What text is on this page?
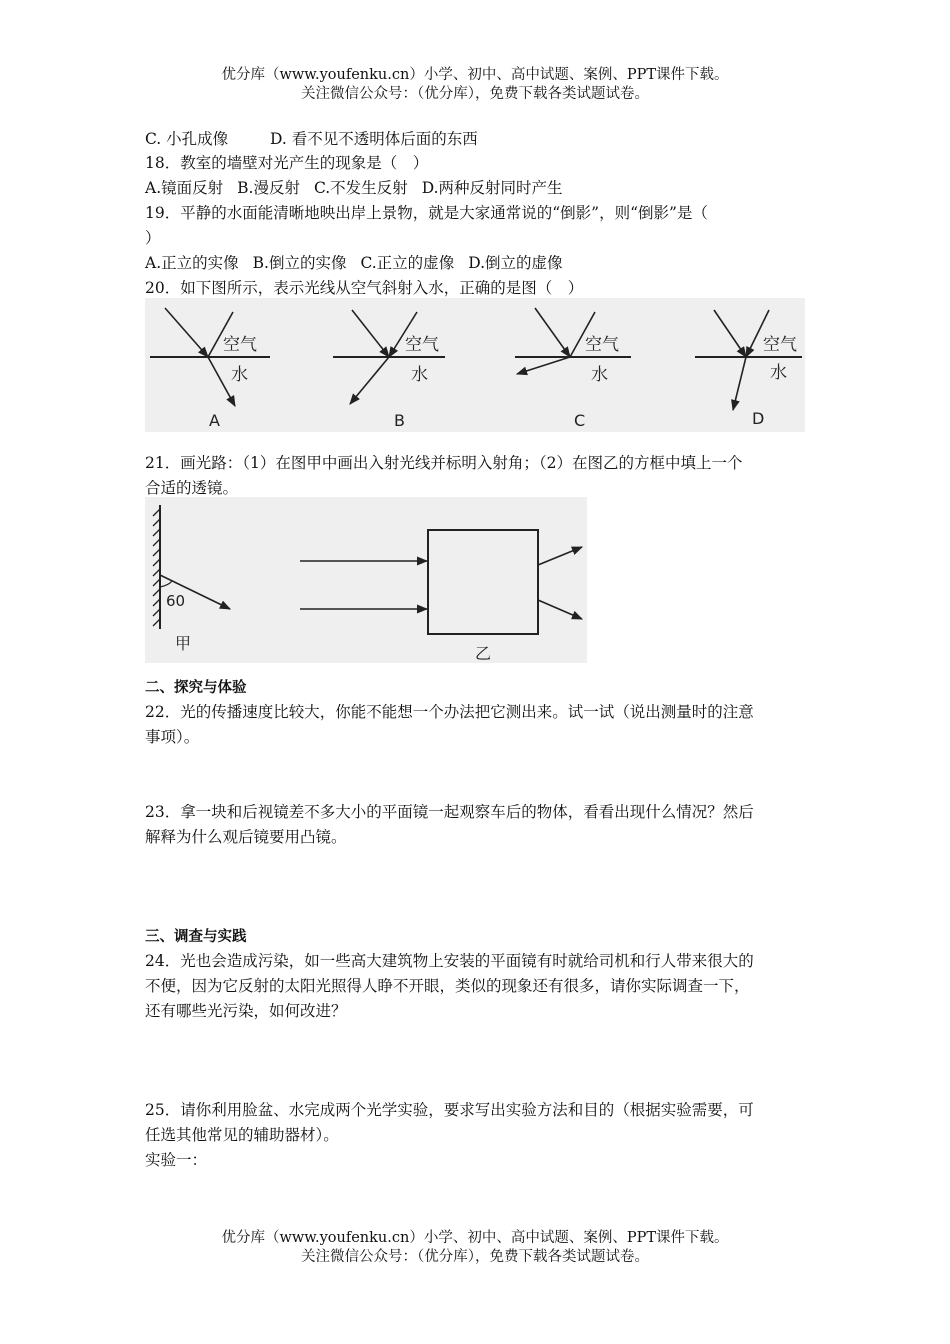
优分库（www.youfenku.cn）小学、初中、高中试题、案例、PPT课件下载。
关注微信公众号：（优分库），免费下载各类试题试卷。
C. 小孔成像	D. 看不见不透明体后面的东西
18．教室的墙壁对光产生的现象是（　）
A.镜面反射 B.漫反射 C.不发生反射 D.两种反射同时产生
19．平静的水面能清晰地映出岸上景物，就是大家通常说的“倒影”，则“倒影”是（
）
A.正立的实像 B.倒立的实像 C.正立的虚像 D.倒立的虚像
20．如下图所示，表示光线从空气斜射入水，正确的是图（　）
空气
水
A
空气
水
B
空气
水
C
空气
水
D
21．画光路：（1）在图甲中画出入射光线并标明入射角；（2）在图乙的方框中填上一个
合适的透镜。
60
甲
乙
二、探究与体验
22．光的传播速度比较大，你能不能想一个办法把它测出来。试一试（说出测量时的注意
事项）。
23．拿一块和后视镜差不多大小的平面镜一起观察车后的物体，看看出现什么情况？然后
解释为什么观后镜要用凸镜。
三、调查与实践
24．光也会造成污染，如一些高大建筑物上安装的平面镜有时就给司机和行人带来很大的
不便，因为它反射的太阳光照得人睁不开眼，类似的现象还有很多，请你实际调查一下，
还有哪些光污染，如何改进？
25．请你利用脸盆、水完成两个光学实验，要求写出实验方法和目的（根据实验需要，可
任选其他常见的辅助器材）。
实验一：
优分库（www.youfenku.cn）小学、初中、高中试题、案例、PPT课件下载。
关注微信公众号：（优分库），免费下载各类试题试卷。
